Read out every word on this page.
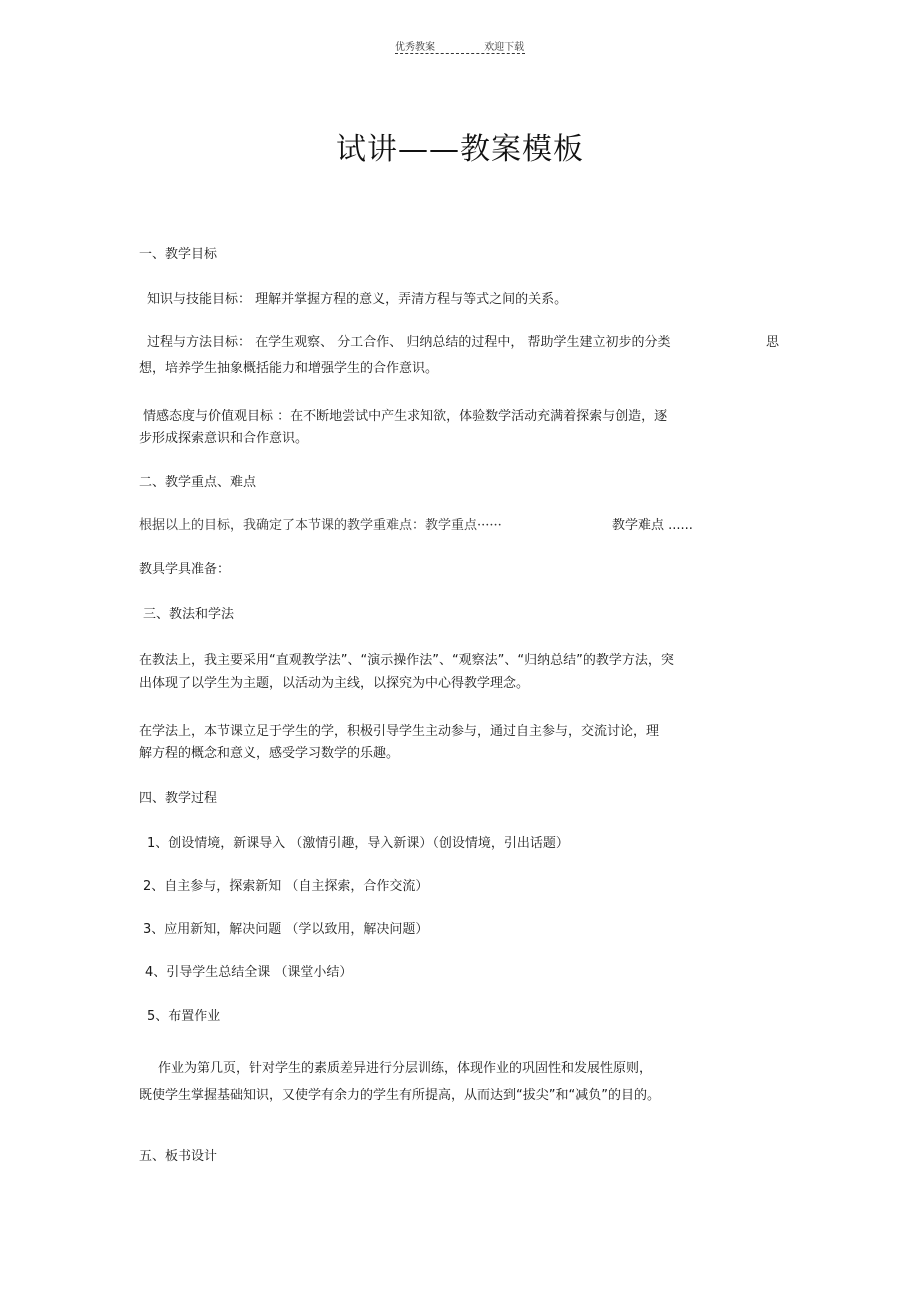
优秀教案	欢迎下载
试讲——教案模板
一、教学目标
知识与技能目标： 理解并掌握方程的意义，弄清方程与等式之间的关系。
过程与方法目标： 在学生观察、 分工合作、 归纳总结的过程中， 帮助学生建立初步的分类	思
想，培养学生抽象概括能力和增强学生的合作意识。
情感态度与价值观目标 ：在不断地尝试中产生求知欲，体验数学活动充满着探索与创造，逐
步形成探索意识和合作意识。
二、教学重点、难点
根据以上的目标，我确定了本节课的教学重难点：教学重点······	教学难点 ......
教具学具准备：
三、教法和学法
在教法上，我主要采用“直观教学法”、“演示操作法”、“观察法”、“归纳总结”的教学方法，突
出体现了以学生为主题，以活动为主线，以探究为中心得教学理念。
在学法上，本节课立足于学生的学，积极引导学生主动参与，通过自主参与，交流讨论，理
解方程的概念和意义，感受学习数学的乐趣。
四、教学过程
1、创设情境，新课导入 （激情引趣，导入新课）（创设情境，引出话题）
2、自主参与，探索新知 （自主探索，合作交流）
3、应用新知，解决问题 （学以致用，解决问题）
4、引导学生总结全课 （课堂小结）
5、布置作业
作业为第几页，针对学生的素质差异进行分层训练，体现作业的巩固性和发展性原则，
既使学生掌握基础知识，又使学有余力的学生有所提高，从而达到“拔尖”和“减负”的目的。
五、板书设计
